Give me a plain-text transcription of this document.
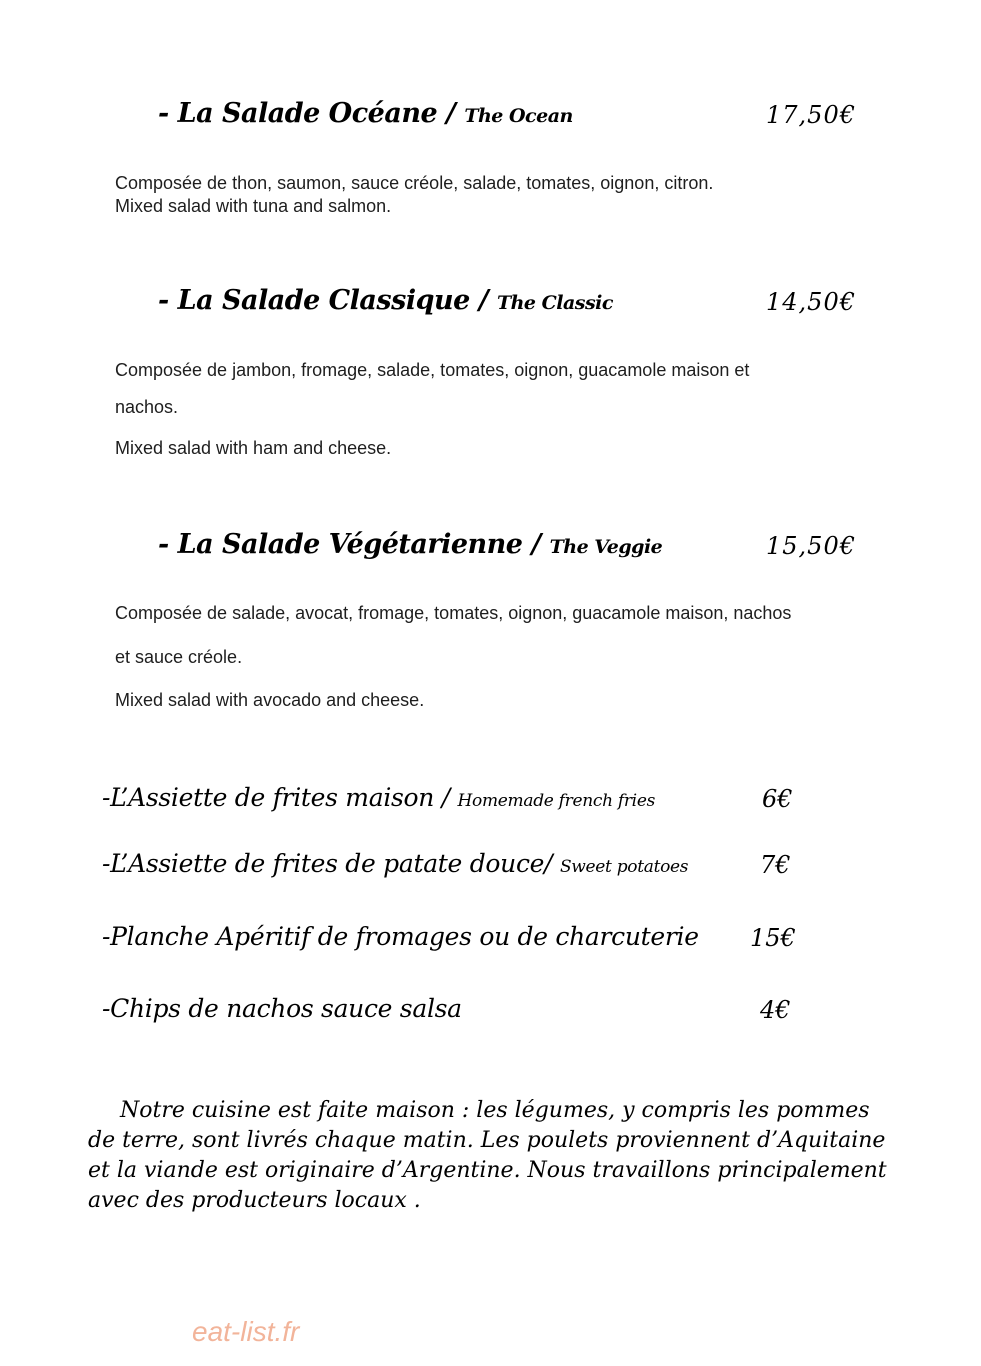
- La Salade Océane / The Ocean	17,50€
Composée de thon, saumon, sauce créole, salade, tomates, oignon, citron.
Mixed salad with tuna and salmon.
- La Salade Classique / The Classic	14,50€
Composée de jambon, fromage, salade, tomates, oignon, guacamole maison et
nachos.
Mixed salad with ham and cheese.
- La Salade Végétarienne / The Veggie	15,50€
Composée de salade, avocat, fromage, tomates, oignon, guacamole maison, nachos
et sauce créole.
Mixed salad with avocado and cheese.
-L’Assiette de frites maison / Homemade french fries	6€
-L’Assiette de frites de patate douce/ Sweet potatoes	7€
-Planche Apéritif de fromages ou de charcuterie 15€
-Chips de nachos sauce salsa	4€
Notre cuisine est faite maison : les légumes, y compris les pommes de terre, sont livrés chaque matin. Les poulets proviennent d’Aquitaine et la viande est originaire d’Argentine. Nous travaillons principalement avec des producteurs locaux .
eat-list.fr
